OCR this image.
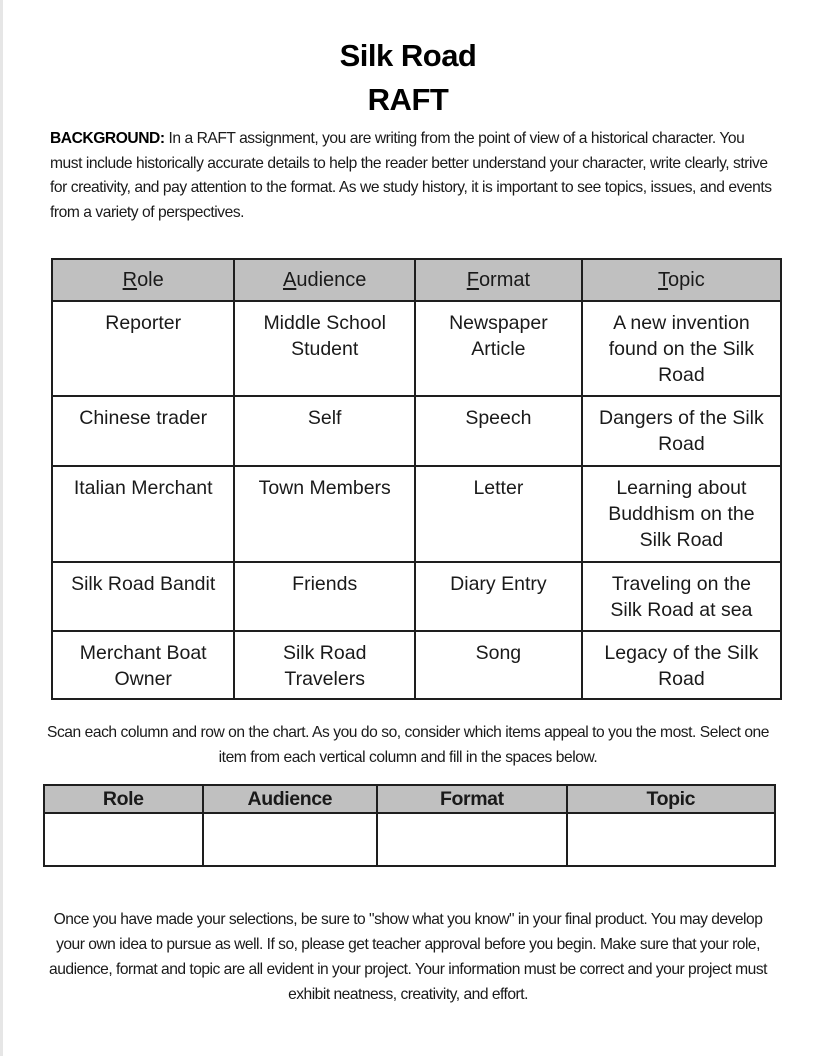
Silk Road
RAFT
BACKGROUND: In a RAFT assignment, you are writing from the point of view of a historical character. You must include historically accurate details to help the reader better understand your character, write clearly, strive for creativity, and pay attention to the format. As we study history, it is important to see topics, issues, and events from a variety of perspectives.
Role	Audience	Format	Topic

Reporter	Middle School Student	Newspaper Article	A new invention found on the Silk Road

Chinese trader	Self	Speech	Dangers of the Silk Road

Italian Merchant	Town Members	Letter	Learning about Buddhism on the Silk Road

Silk Road Bandit	Friends	Diary Entry	Traveling on the Silk Road at sea

Merchant Boat Owner	Silk Road Travelers	Song	Legacy of the Silk Road
Scan each column and row on the chart. As you do so, consider which items appeal to you the most. Select one item from each vertical column and fill in the spaces below.
Role	Audience	Format	Topic

Once you have made your selections, be sure to "show what you know" in your final product. You may develop your own idea to pursue as well. If so, please get teacher approval before you begin. Make sure that your role, audience, format and topic are all evident in your project. Your information must be correct and your project must exhibit neatness, creativity, and effort.
